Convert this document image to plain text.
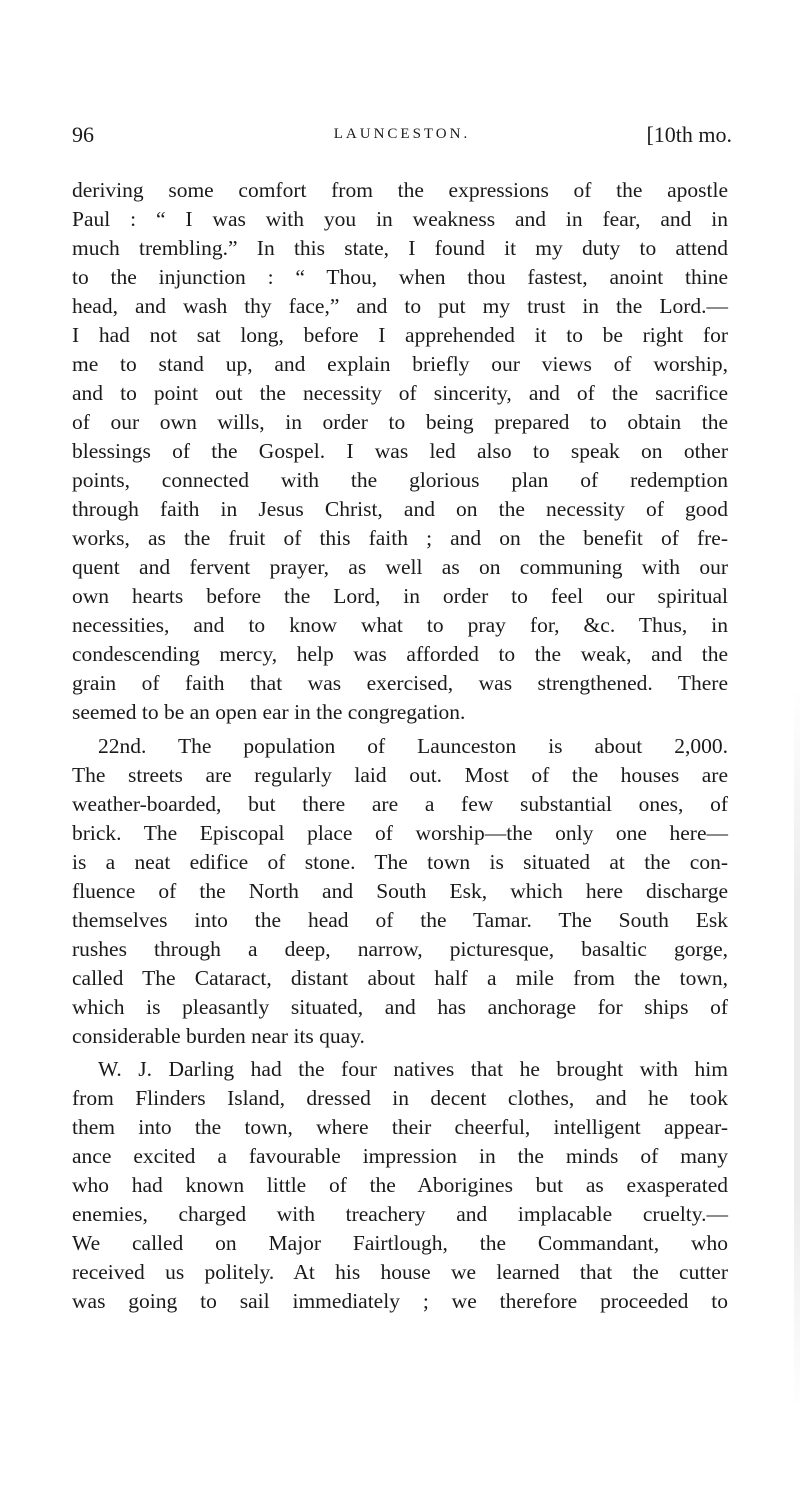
96	LAUNCESTON.	[10th mo.
deriving some comfort from the expressions of the apostle
Paul : “ I was with you in weakness and in fear, and in
much trembling.” In this state, I found it my duty to attend
to the injunction : “ Thou, when thou fastest, anoint thine
head, and wash thy face,” and to put my trust in the Lord.—
I had not sat long, before I apprehended it to be right for
me to stand up, and explain briefly our views of worship,
and to point out the necessity of sincerity, and of the sacrifice
of our own wills, in order to being prepared to obtain the
blessings of the Gospel. I was led also to speak on other
points, connected with the glorious plan of redemption
through faith in Jesus Christ, and on the necessity of good
works, as the fruit of this faith ; and on the benefit of fre-
quent and fervent prayer, as well as on communing with our
own hearts before the Lord, in order to feel our spiritual
necessities, and to know what to pray for, &c. Thus, in
condescending mercy, help was afforded to the weak, and the
grain of faith that was exercised, was strengthened. There
seemed to be an open ear in the congregation.
22nd. The population of Launceston is about 2,000.
The streets are regularly laid out. Most of the houses are
weather-boarded, but there are a few substantial ones, of
brick. The Episcopal place of worship—the only one here—
is a neat edifice of stone. The town is situated at the con-
fluence of the North and South Esk, which here discharge
themselves into the head of the Tamar. The South Esk
rushes through a deep, narrow, picturesque, basaltic gorge,
called The Cataract, distant about half a mile from the town,
which is pleasantly situated, and has anchorage for ships of
considerable burden near its quay.
W. J. Darling had the four natives that he brought with him
from Flinders Island, dressed in decent clothes, and he took
them into the town, where their cheerful, intelligent appear-
ance excited a favourable impression in the minds of many
who had known little of the Aborigines but as exasperated
enemies, charged with treachery and implacable cruelty.—
We called on Major Fairtlough, the Commandant, who
received us politely. At his house we learned that the cutter
was going to sail immediately ; we therefore proceeded to
